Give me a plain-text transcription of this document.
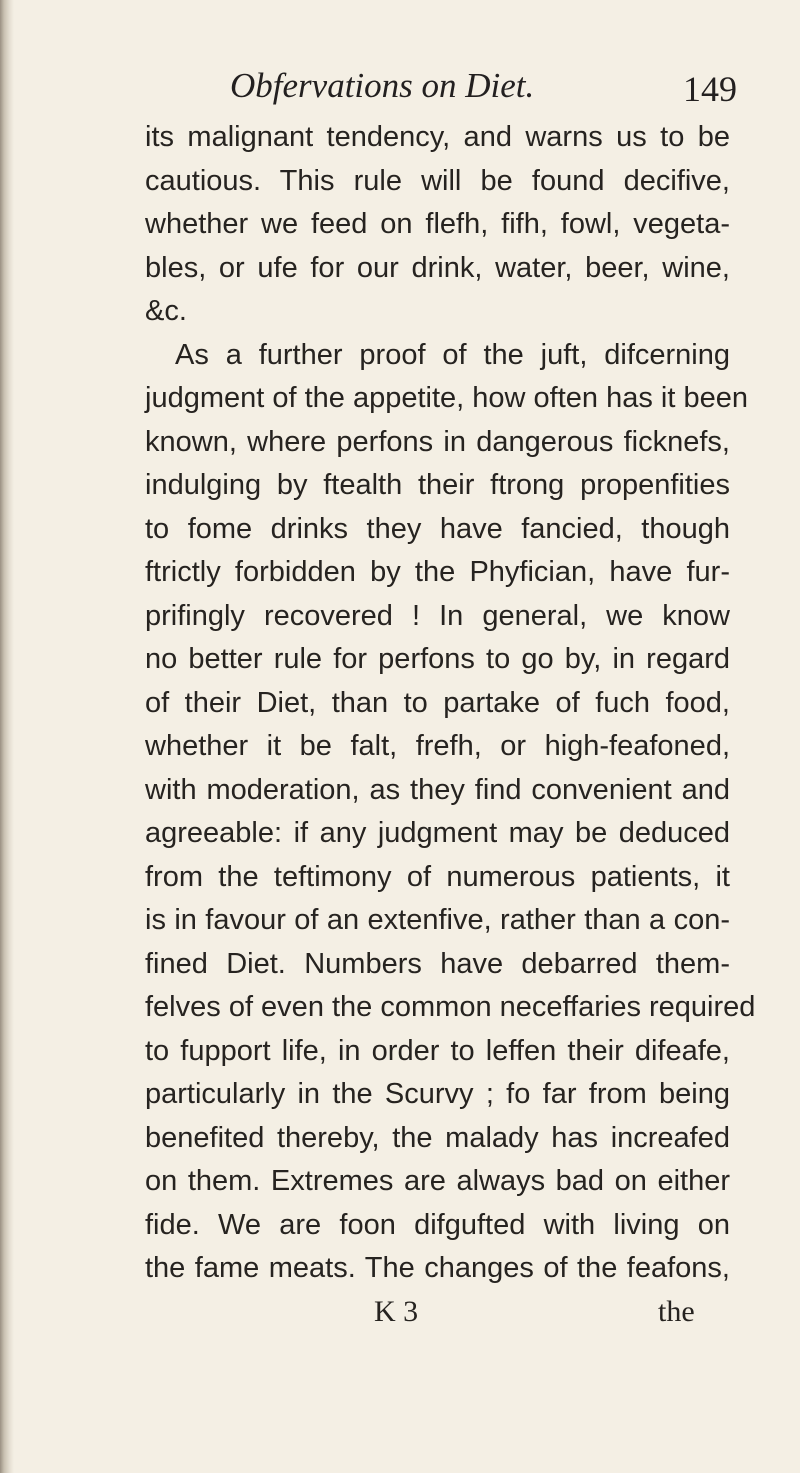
Obfervations on Diet.	149
its malignant tendency, and warns us to be
cautious. This rule will be found decifive,
whether we feed on flefh, fifh, fowl, vegeta-
bles, or ufe for our drink, water, beer, wine,
&c.
As a further proof of the juft, difcerning
judgment of the appetite, how often has it been
known, where perfons in dangerous ficknefs,
indulging by ftealth their ftrong propenfities
to fome drinks they have fancied, though
ftrictly forbidden by the Phyfician, have fur-
prifingly recovered ! In general, we know
no better rule for perfons to go by, in regard
of their Diet, than to partake of fuch food,
whether it be falt, frefh, or high-feafoned,
with moderation, as they find convenient and
agreeable: if any judgment may be deduced
from the teftimony of numerous patients, it
is in favour of an extenfive, rather than a con-
fined Diet. Numbers have debarred them-
felves of even the common neceffaries required
to fupport life, in order to leffen their difeafe,
particularly in the Scurvy ; fo far from being
benefited thereby, the malady has increafed
on them. Extremes are always bad on either
fide. We are foon difgufted with living on
the fame meats. The changes of the feafons,
K 3	the
